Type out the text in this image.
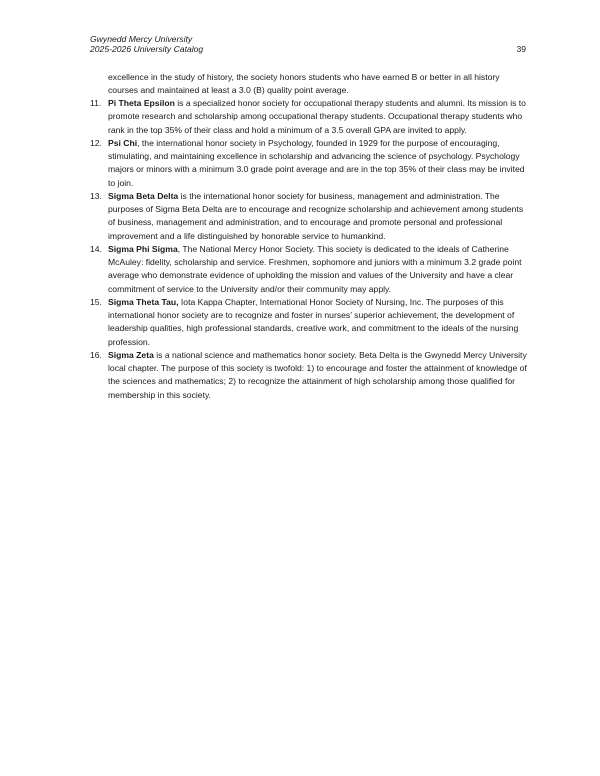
Gwynedd Mercy University
2025-2026 University Catalog	39
excellence in the study of history, the society honors students who have earned B or better in all history courses and maintained at least a 3.0 (B) quality point average.
11. Pi Theta Epsilon is a specialized honor society for occupational therapy students and alumni. Its mission is to promote research and scholarship among occupational therapy students. Occupational therapy students who rank in the top 35% of their class and hold a minimum of a 3.5 overall GPA are invited to apply.
12. Psi Chi, the international honor society in Psychology, founded in 1929 for the purpose of encouraging, stimulating, and maintaining excellence in scholarship and advancing the science of psychology. Psychology majors or minors with a minimum 3.0 grade point average and are in the top 35% of their class may be invited to join.
13. Sigma Beta Delta is the international honor society for business, management and administration. The purposes of Sigma Beta Delta are to encourage and recognize scholarship and achievement among students of business, management and administration, and to encourage and promote personal and professional improvement and a life distinguished by honorable service to humankind.
14. Sigma Phi Sigma, The National Mercy Honor Society. This society is dedicated to the ideals of Catherine McAuley: fidelity, scholarship and service. Freshmen, sophomore and juniors with a minimum 3.2 grade point average who demonstrate evidence of upholding the mission and values of the University and have a clear commitment of service to the University and/or their community may apply.
15. Sigma Theta Tau, Iota Kappa Chapter, International Honor Society of Nursing, Inc. The purposes of this international honor society are to recognize and foster in nurses’ superior achievement, the development of leadership qualities, high professional standards, creative work, and commitment to the ideals of the nursing profession.
16. Sigma Zeta is a national science and mathematics honor society. Beta Delta is the Gwynedd Mercy University local chapter. The purpose of this society is twofold: 1) to encourage and foster the attainment of knowledge of the sciences and mathematics; 2) to recognize the attainment of high scholarship among those qualified for membership in this society.
